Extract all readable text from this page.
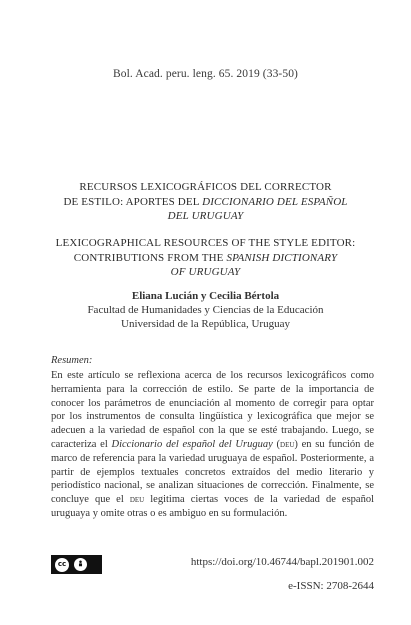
Bol. Acad. peru. leng. 65. 2019 (33-50)
RECURSOS LEXICOGRÁFICOS DEL CORRECTOR
DE ESTILO: APORTES DEL DICCIONARIO DEL ESPAÑOL
DEL URUGUAY
LEXICOGRAPHICAL RESOURCES OF THE STYLE EDITOR:
CONTRIBUTIONS FROM THE SPANISH DICTIONARY
OF URUGUAY
Eliana Lucián y Cecilia Bértola
Facultad de Humanidades y Ciencias de la Educación
Universidad de la República, Uruguay
Resumen:

En este artículo se reflexiona acerca de los recursos lexicográficos como herramienta para la corrección de estilo. Se parte de la importancia de conocer los parámetros de enunciación al momento de corregir para optar por los instrumentos de consulta lingüística y lexicográfica que mejor se adecuen a la variedad de español con la que se esté trabajando. Luego, se caracteriza el Diccionario del español del Uruguay (deu) en su función de marco de referencia para la variedad uruguaya de español. Posteriormente, a partir de ejemplos textuales concretos extraídos del medio literario y periodístico nacional, se analizan situaciones de corrección. Finalmente, se concluye que el deu legitima ciertas voces de la variedad de español uruguaya y omite otras o es ambiguo en su formulación.

cc
BY
https://doi.org/10.46744/bapl.201901.002
e-ISSN: 2708-2644
